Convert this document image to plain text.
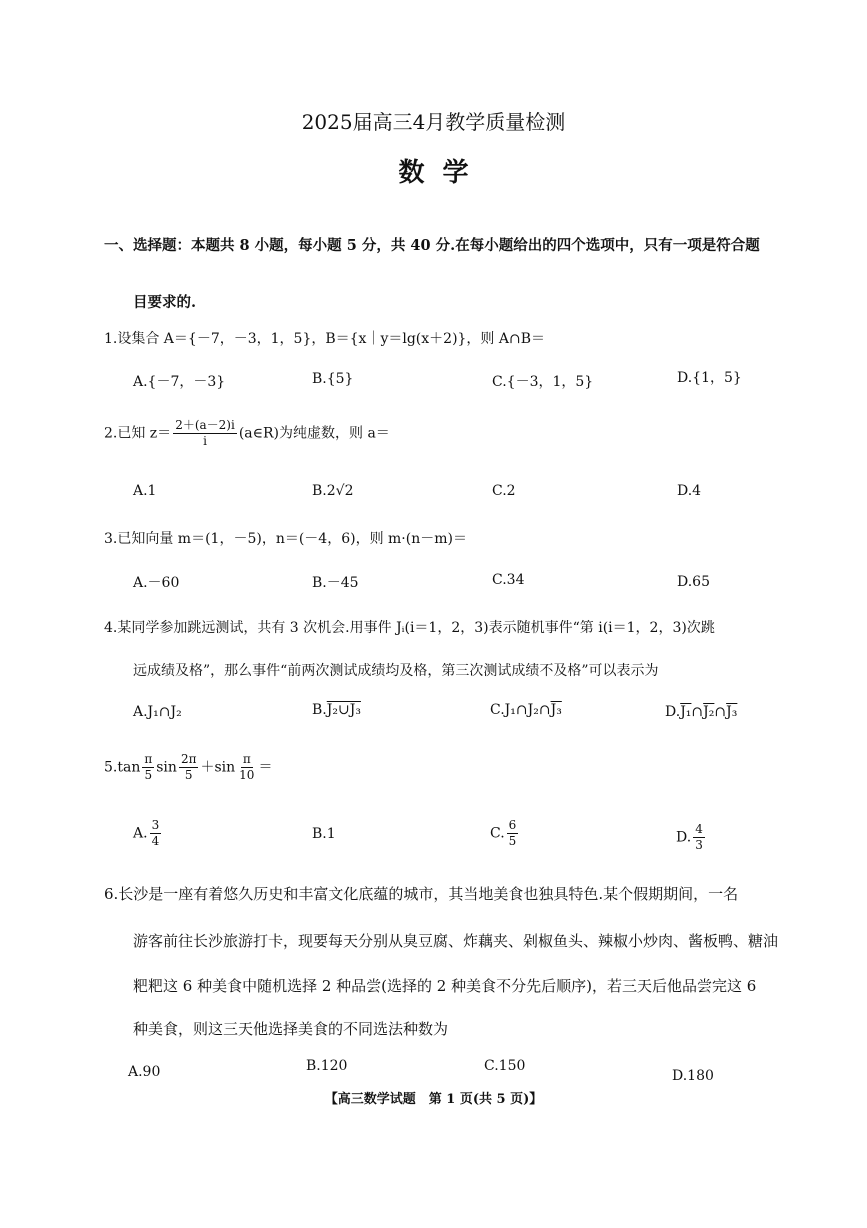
2025届高三4月教学质量检测
数学
一、选择题：本题共 8 小题，每小题 5 分，共 40 分.在每小题给出的四个选项中，只有一项是符合题
目要求的.
1.设集合 A＝{－7，－3，1，5}，B＝{x｜y＝lg(x＋2)}，则 A∩B＝
A.{－7，－3}	B.{5}	C.{－3，1，5}	D.{1，5}
2.已知 $z= \frac{2+(a-2)i}{i}$ (a∈R)为纯虚数，则 a＝
A.1	B.2√2	C.2	D.4
3.已知向量 m＝(1，－5)，n＝(－4，6)，则 m·(n－m)＝
A.－60	B.－45	C.34	D.65
4.某同学参加跳远测试，共有 3 次机会.用事件 Jᵢ(i＝1，2，3)表示随机事件“第 i(i＝1，2，3)次跳
远成绩及格”，那么事件“前两次测试成绩均及格，第三次测试成绩不及格”可以表示为
A.J₁∩J₂	B.J₂∪J₃	C.J₁∩J₂∩J₃	D.J₁∩J₂∩J₃
$5.\tan \frac{\pi}{5}$ $\sin \frac{2\pi}{5} +\sin \frac{\pi}{10}$ ＝
A. $\frac{3}{4}$	B.1	C. $\frac{6}{5}$	D. $\frac{4}{3}$
6.长沙是一座有着悠久历史和丰富文化底蕴的城市，其当地美食也独具特色.某个假期期间，一名
游客前往长沙旅游打卡，现要每天分别从臭豆腐、炸藕夹、剁椒鱼头、辣椒小炒肉、酱板鸭、糖油
粑粑这 6 种美食中随机选择 2 种品尝(选择的 2 种美食不分先后顺序)，若三天后他品尝完这 6
种美食，则这三天他选择美食的不同选法种数为
A.90	B.120	C.150
D.180
【高三数学试题　第 1 页(共 5 页)】
